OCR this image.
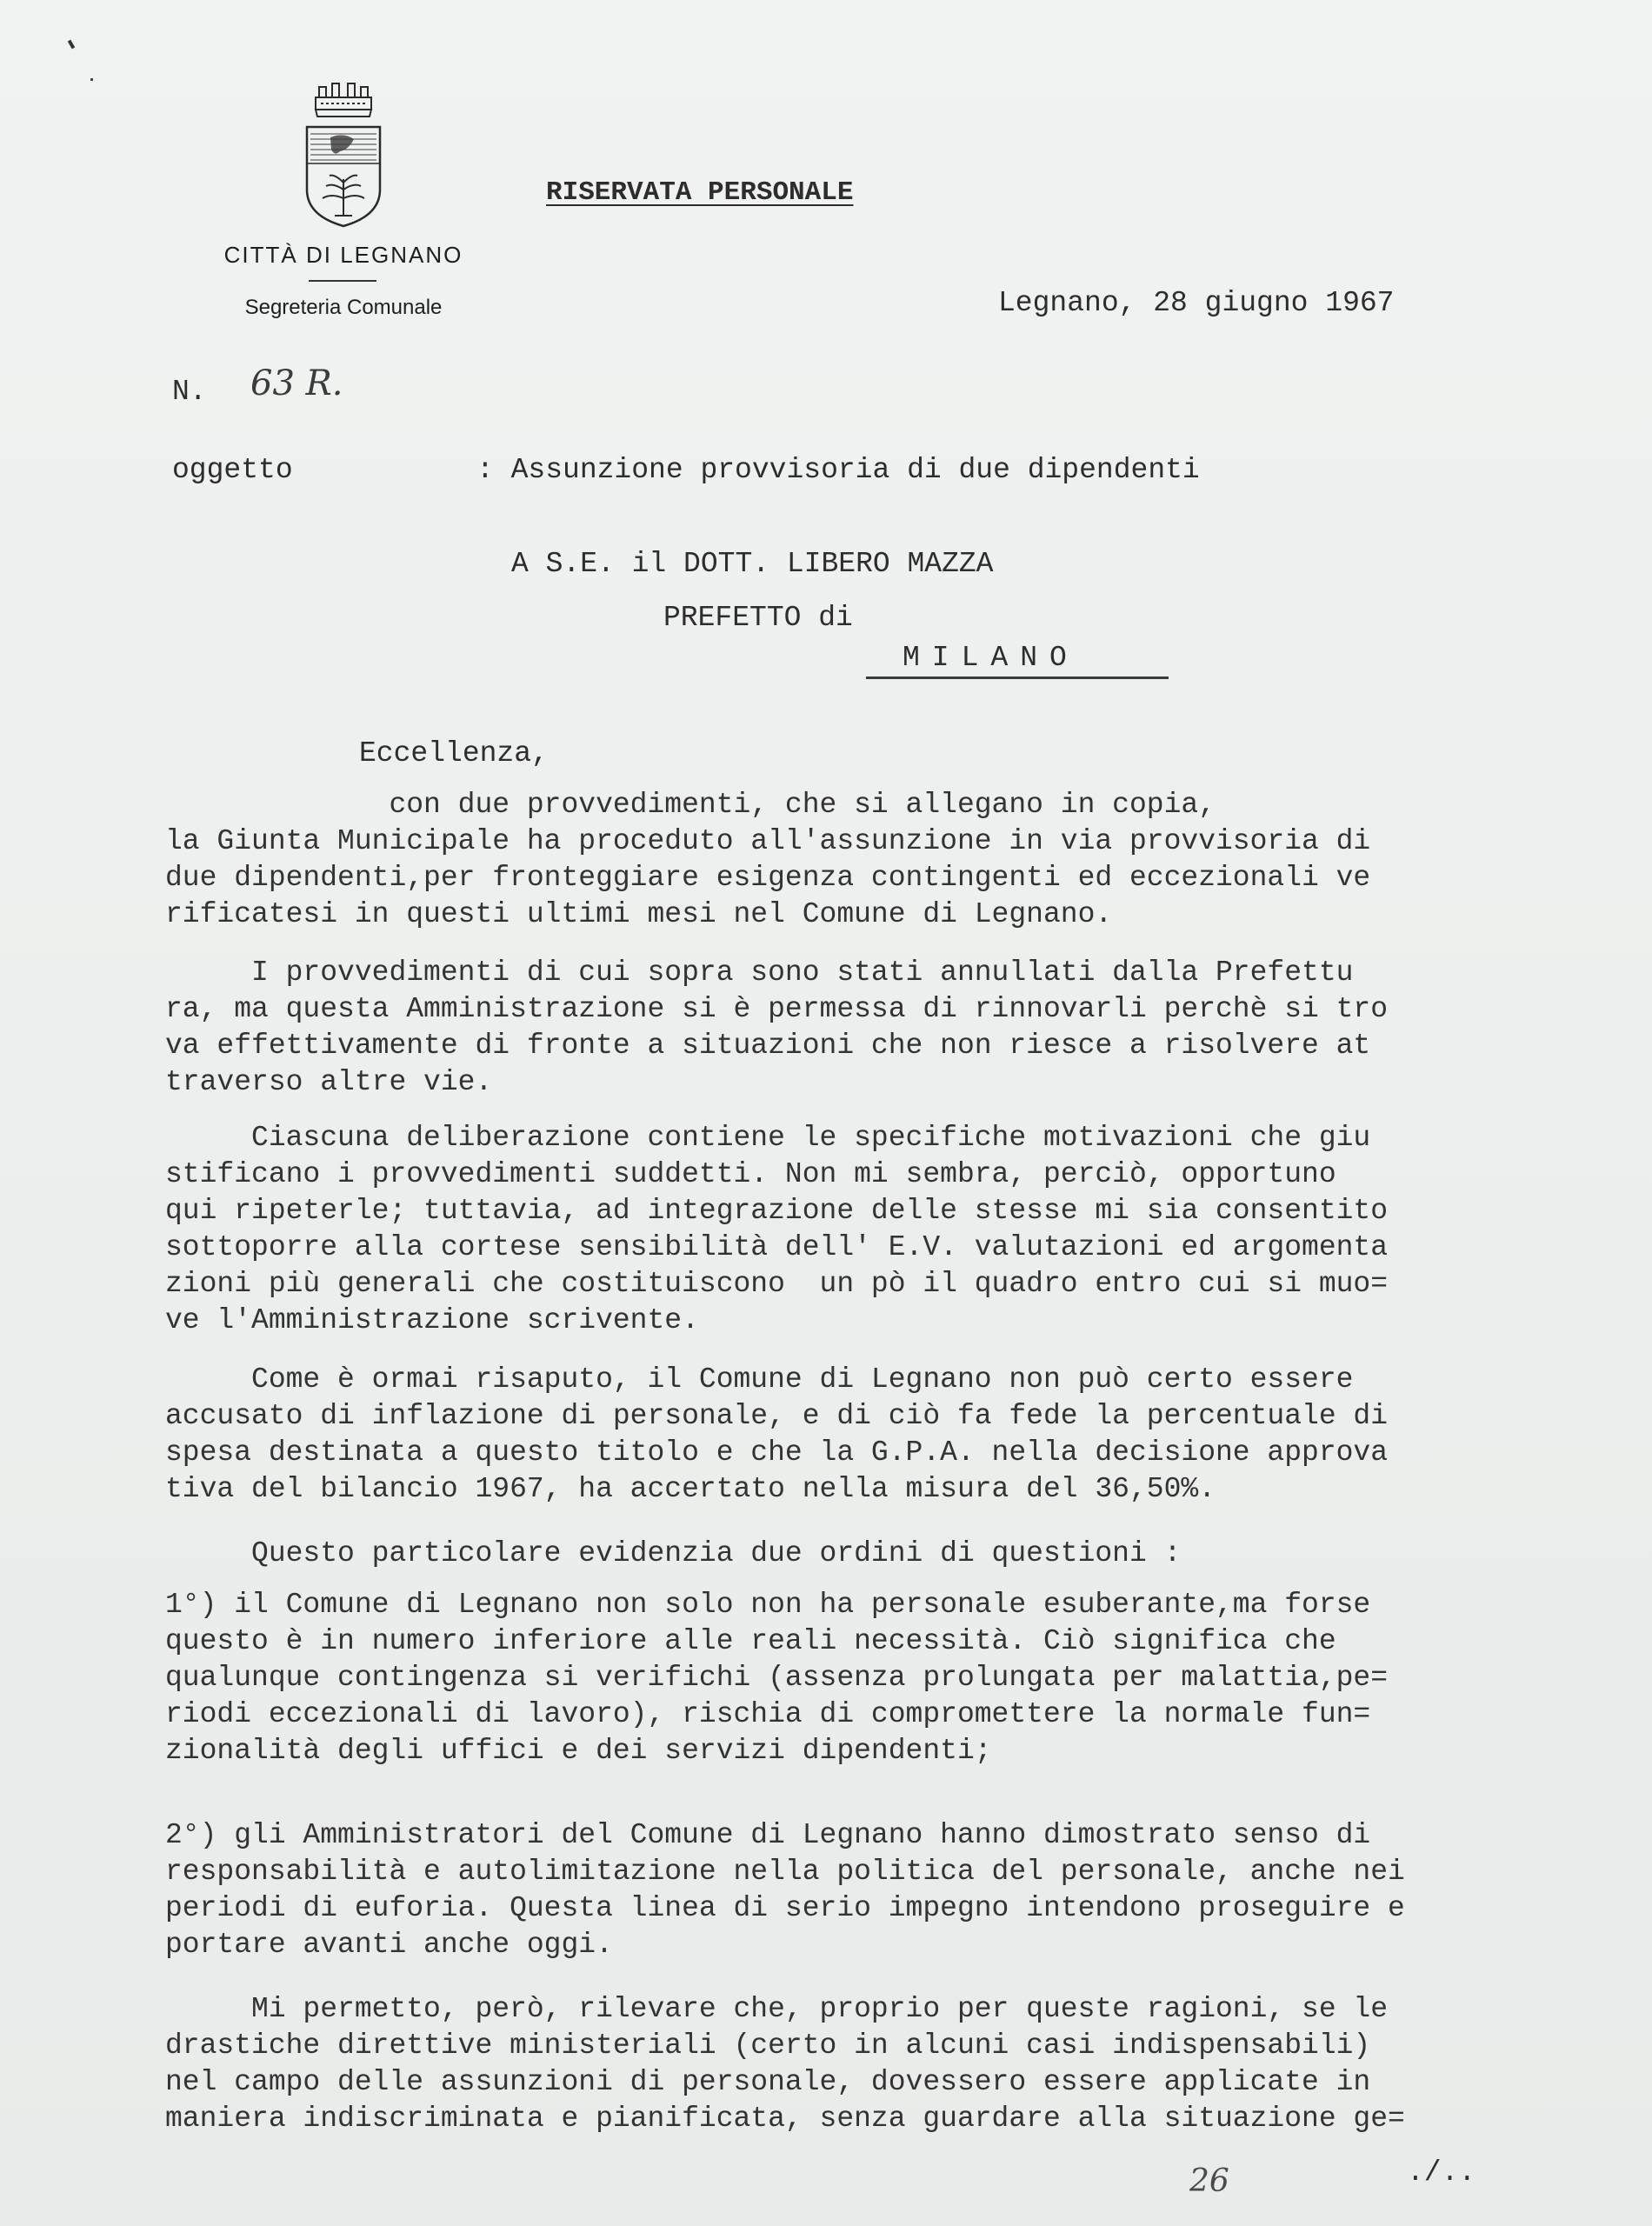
CITTÀ DI LEGNANO
Segreteria Comunale
RISERVATA PERSONALE
Legnano, 28 giugno 1967
N. 63 R.
oggetto	: Assunzione provvisoria di due dipendenti
A S.E. il DOTT. LIBERO MAZZA
PREFETTO di
MILANO
Eccellenza,
con due provvedimenti, che si allegano in copia,
la Giunta Municipale ha proceduto all'assunzione in via provvisoria di
due dipendenti,per fronteggiare esigenza contingenti ed eccezionali ve
rificatesi in questi ultimi mesi nel Comune di Legnano.
I provvedimenti di cui sopra sono stati annullati dalla Prefettu
ra, ma questa Amministrazione si è permessa di rinnovarli perchè si tro
va effettivamente di fronte a situazioni che non riesce a risolvere at
traverso altre vie.
Ciascuna deliberazione contiene le specifiche motivazioni che giu
stificano i provvedimenti suddetti. Non mi sembra, perciò, opportuno
qui ripeterle; tuttavia, ad integrazione delle stesse mi sia consentito
sottoporre alla cortese sensibilità dell' E.V. valutazioni ed argomenta
zioni più generali che costituiscono  un pò il quadro entro cui si muo=
ve l'Amministrazione scrivente.
Come è ormai risaputo, il Comune di Legnano non può certo essere
accusato di inflazione di personale, e di ciò fa fede la percentuale di
spesa destinata a questo titolo e che la G.P.A. nella decisione approva
tiva del bilancio 1967, ha accertato nella misura del 36,50%.
Questo particolare evidenzia due ordini di questioni :
1°) il Comune di Legnano non solo non ha personale esuberante,ma forse
questo è in numero inferiore alle reali necessità. Ciò significa che
qualunque contingenza si verifichi (assenza prolungata per malattia,pe=
riodi eccezionali di lavoro), rischia di compromettere la normale fun=
zionalità degli uffici e dei servizi dipendenti;
2°) gli Amministratori del Comune di Legnano hanno dimostrato senso di
responsabilità e autolimitazione nella politica del personale, anche nei
periodi di euforia. Questa linea di serio impegno intendono proseguire e
portare avanti anche oggi.
Mi permetto, però, rilevare che, proprio per queste ragioni, se le
drastiche direttive ministeriali (certo in alcuni casi indispensabili)
nel campo delle assunzioni di personale, dovessero essere applicate in
maniera indiscriminata e pianificata, senza guardare alla situazione ge=
26	./..
